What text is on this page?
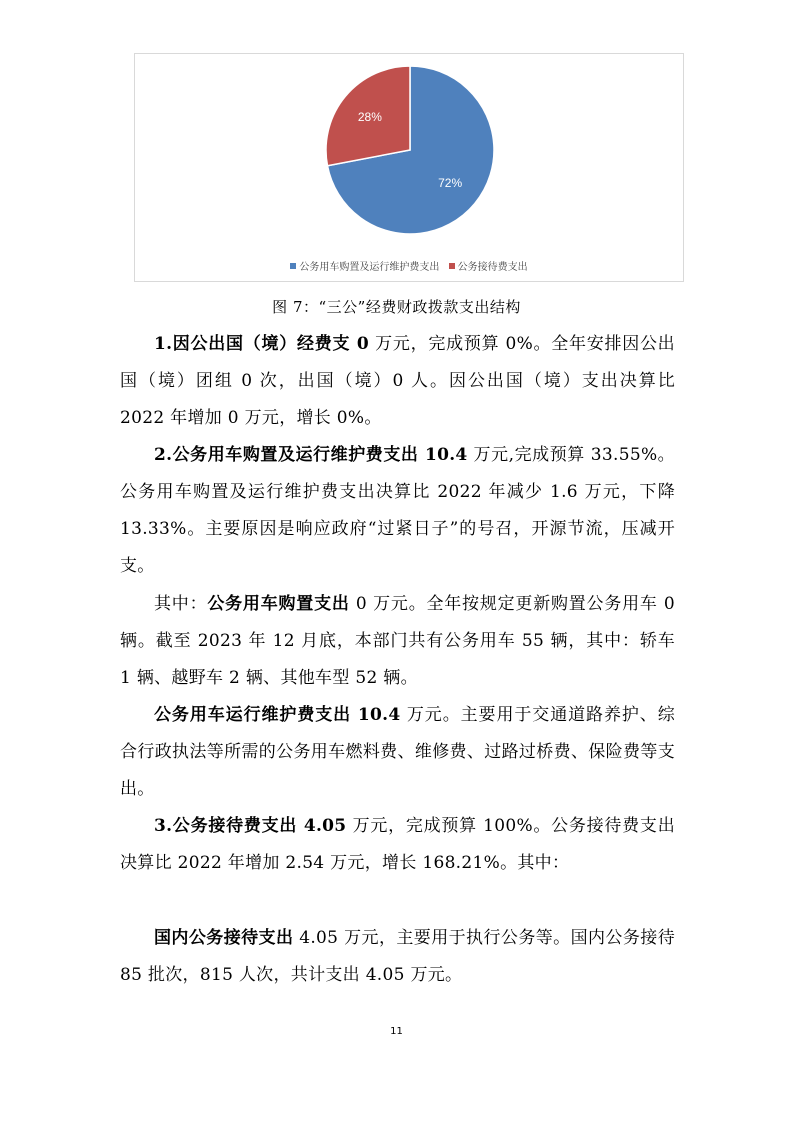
72%
28%
公务用车购置及运行维护费支出 公务接待费支出
图 7：“三公”经费财政拨款支出结构

1.因公出国（境）经费支 0 万元，完成预算 0%。全年安排因公出国（境）团组 0 次，出国（境）0 人。因公出国（境）支出决算比 2022 年增加 0 万元，增长 0%。

2.公务用车购置及运行维护费支出 10.4 万元,完成预算 33.55%。公务用车购置及运行维护费支出决算比 2022 年减少 1.6 万元，下降 13.33%。主要原因是响应政府“过紧日子”的号召，开源节流，压减开支。

其中：公务用车购置支出 0 万元。全年按规定更新购置公务用车 0 辆。截至 2023 年 12 月底，本部门共有公务用车 55 辆，其中：轿车 1 辆、越野车 2 辆、其他车型 52 辆。

公务用车运行维护费支出 10.4 万元。主要用于交通道路养护、综合行政执法等所需的公务用车燃料费、维修费、过路过桥费、保险费等支出。

3.公务接待费支出 4.05 万元，完成预算 100%。公务接待费支出决算比 2022 年增加 2.54 万元，增长 168.21%。其中：

国内公务接待支出 4.05 万元，主要用于执行公务等。国内公务接待 85 批次，815 人次，共计支出 4.05 万元。

11
